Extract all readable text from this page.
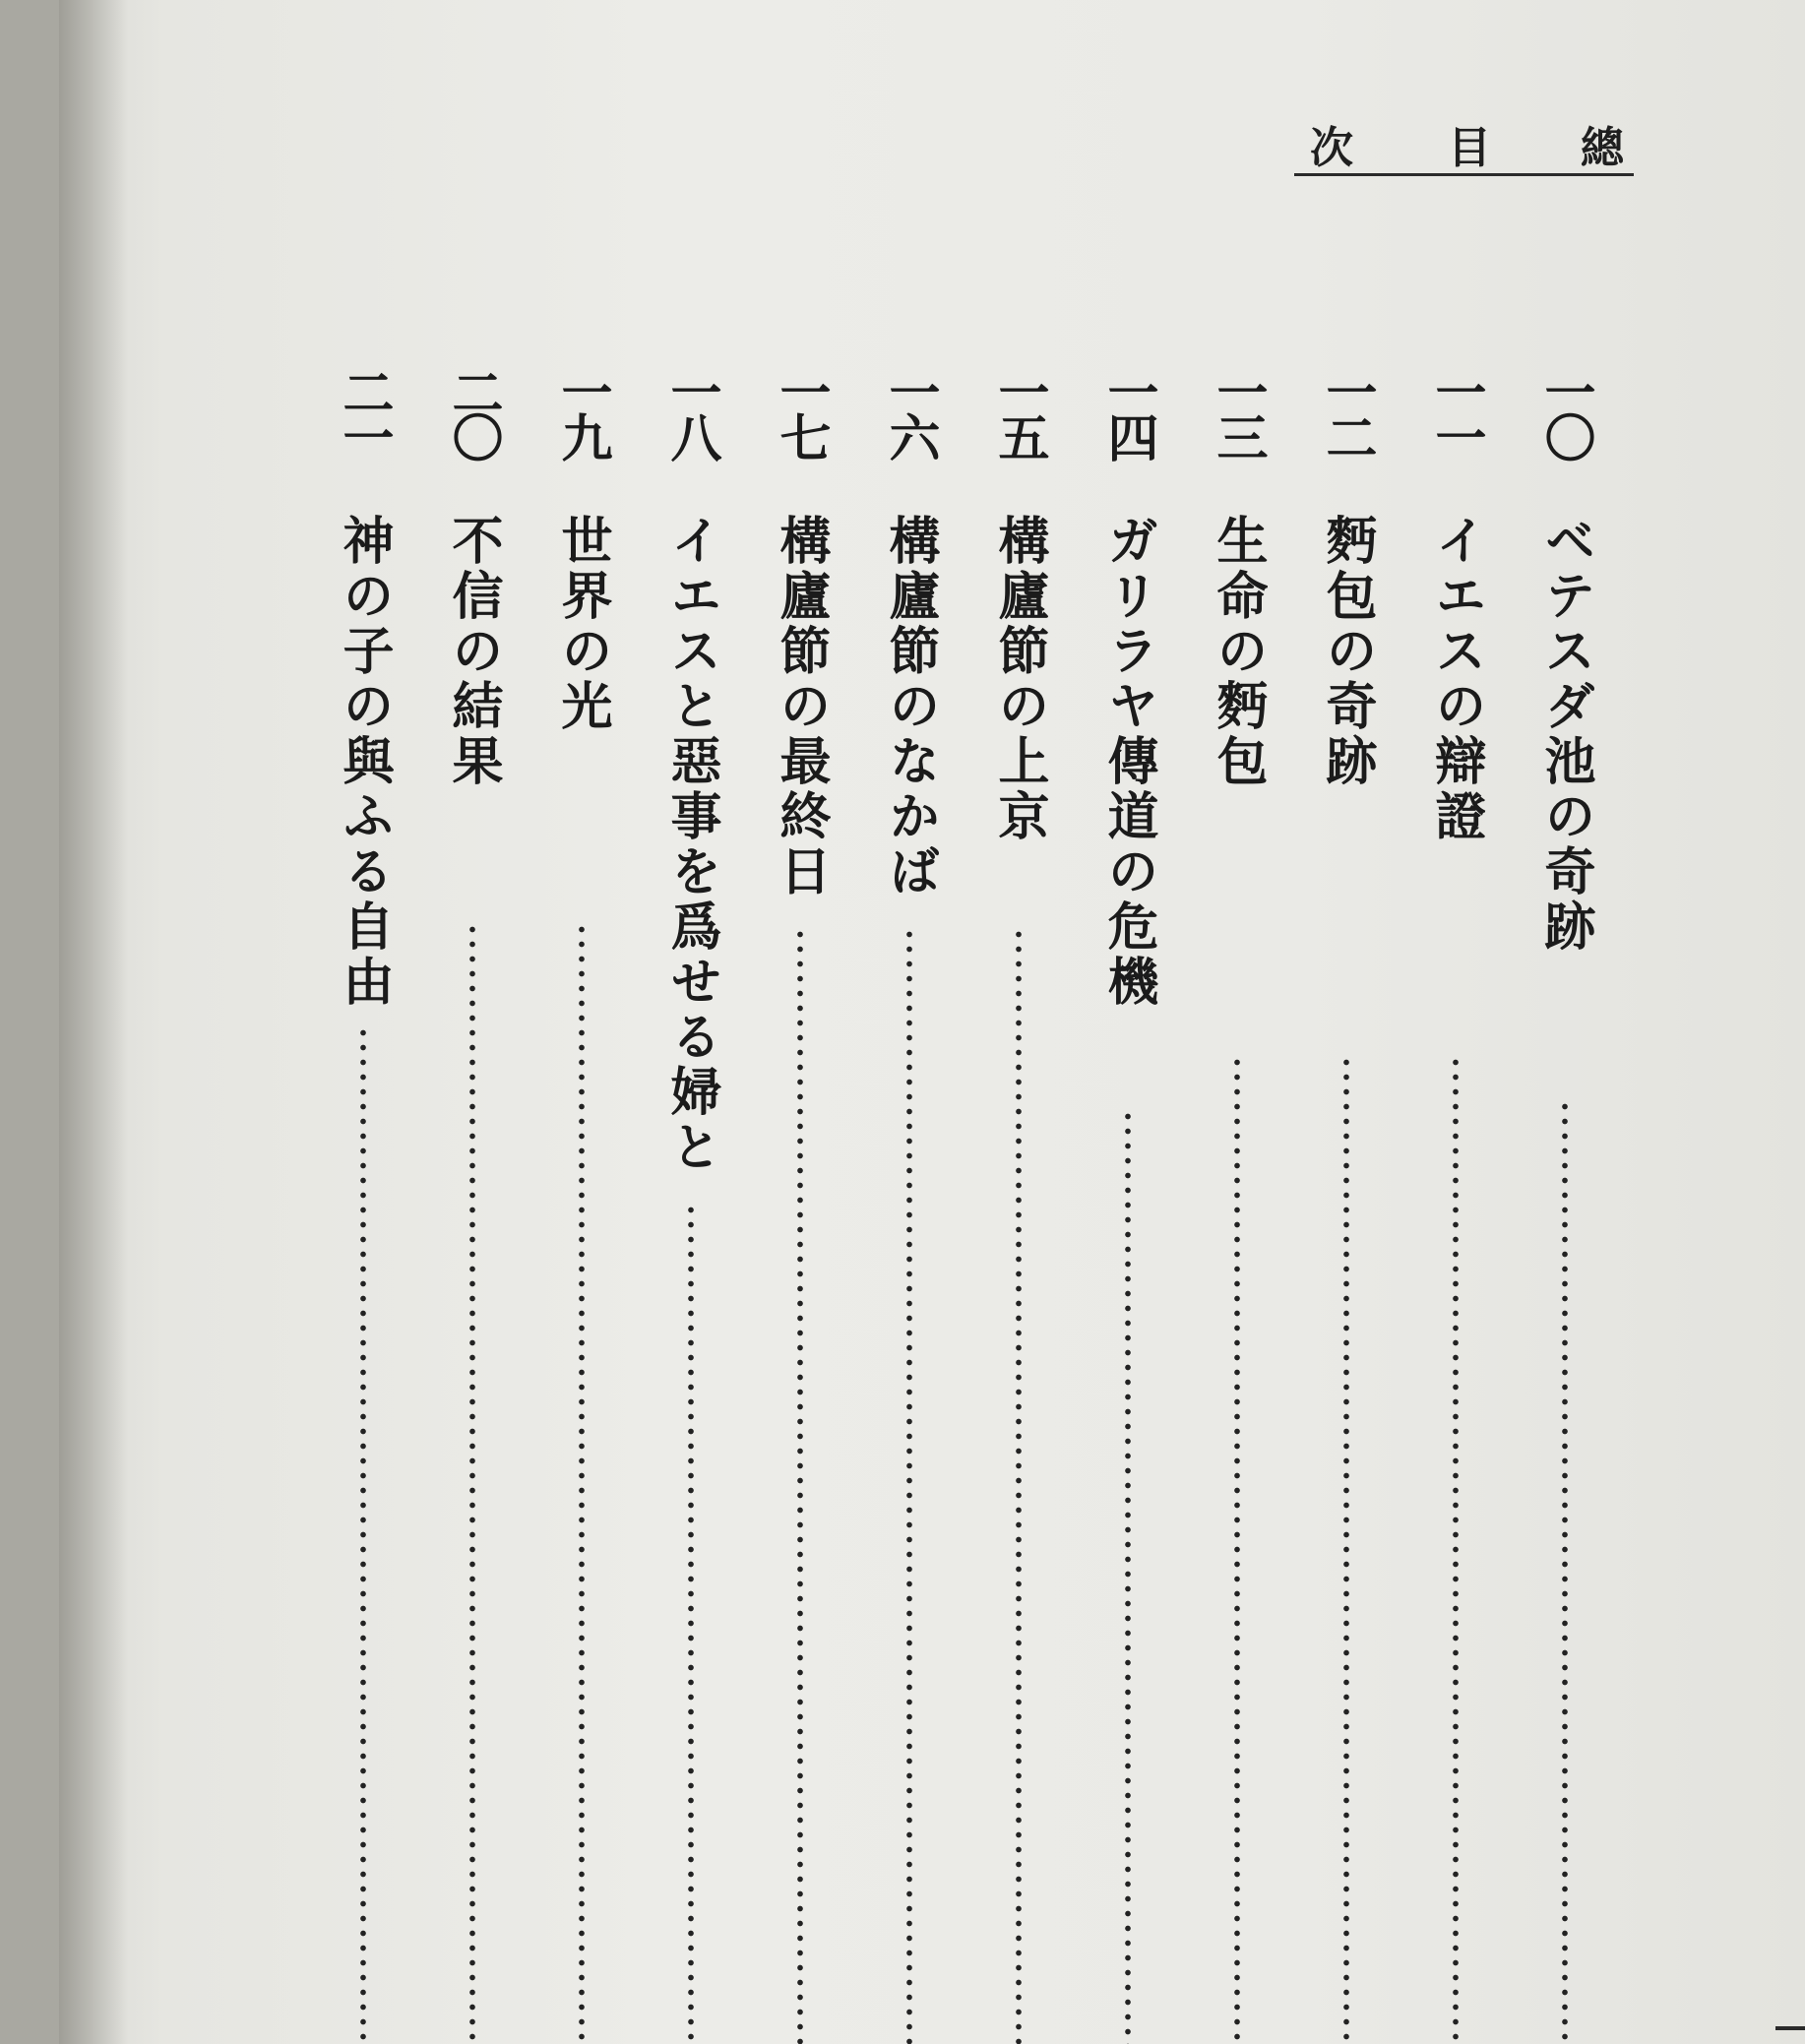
總
目
次
一〇
ベテスダ池の奇跡
一一
イエスの辯證
一二
麪包の奇跡
一三
生命の麪包
一四
ガリラヤ傳道の危機
一五
構廬節の上京
一六
構廬節のなかば
一七
構廬節の最終日
一八
イエスと惡事を爲せる婦と
一九
世界の光
二〇
不信の結果
二一
神の子の與ふる自由
